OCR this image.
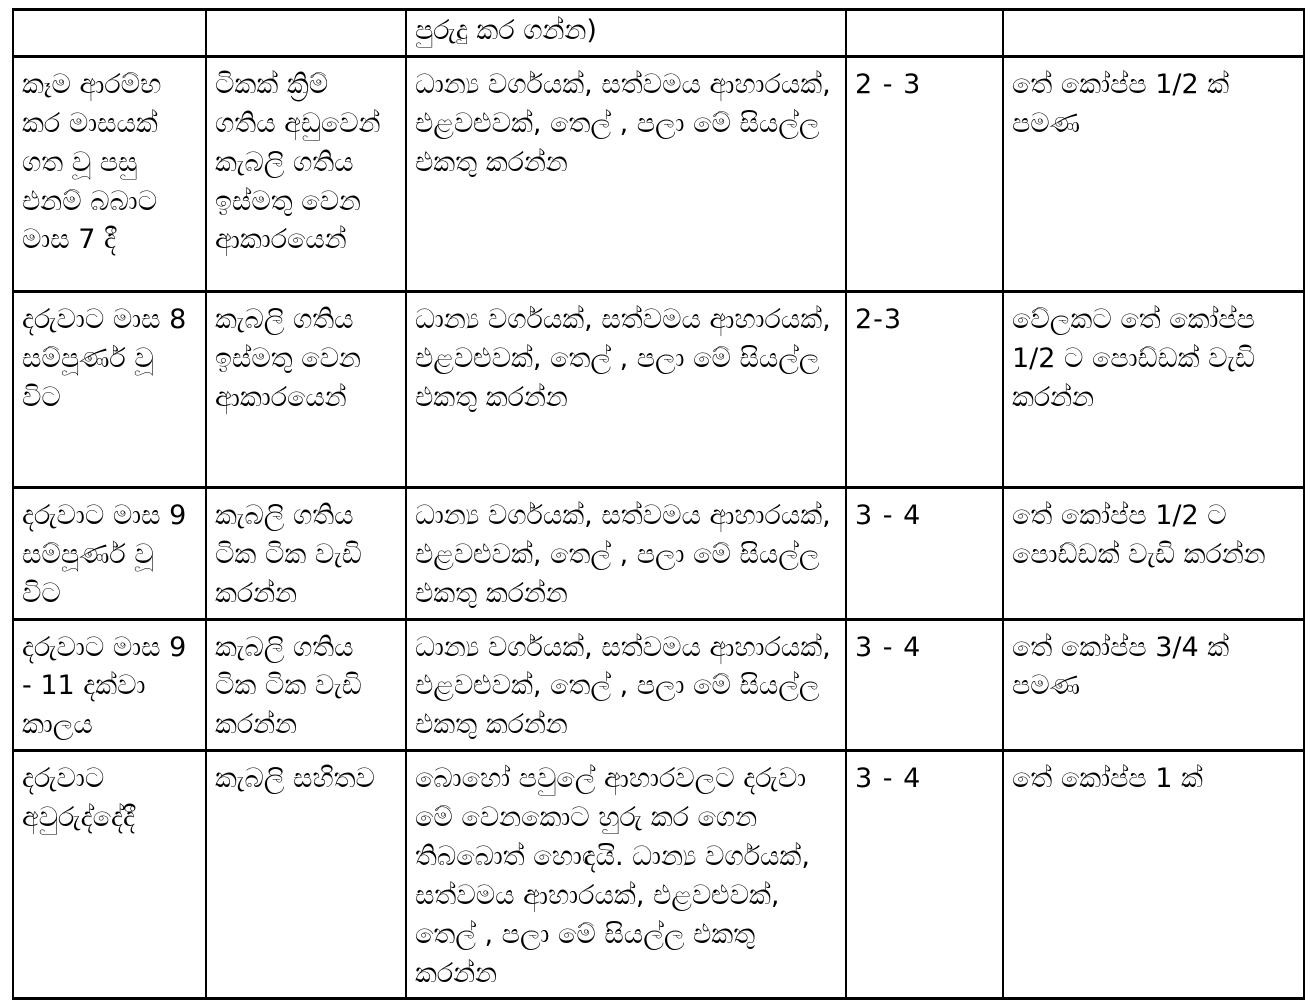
		පුරුදු කර ගන්න)		
කෑම ආරම්භ කර මාසයක් ගත වූ පසු එනම් බබාට මාස 7 දී	ටිකක් ක්‍රිම් ගතිය අඩුවෙන් කැබලි ගතිය ඉස්මතු වෙන ආකාරයෙන්	ධාන්‍ය වර්ගයක්, සත්වමය ආහාරයක්, එළවළුවක්, තෙල් , පලා මේ සියල්ල එකතු කරන්න	2 - 3	තේ කෝප්ප 1/2 ක් පමණ
දරුවාට මාස 8 සම්පූර්ණ වූ විට	කැබලි ගතිය ඉස්මතු වෙන ආකාරයෙන්	ධාන්‍ය වර්ගයක්, සත්වමය ආහාරයක්, එළවළුවක්, තෙල් , පලා මේ සියල්ල එකතු කරන්න	2-3	වේලකට තේ කෝප්ප 1/2 ට පොඩ්ඩක් වැඩි කරන්න
දරුවාට මාස 9 සම්පූර්ණ වූ විට	කැබලි ගතිය ටික ටික වැඩි කරන්න	ධාන්‍ය වර්ගයක්, සත්වමය ආහාරයක්, එළවළුවක්, තෙල් , පලා මේ සියල්ල එකතු කරන්න	3 - 4	තේ කෝප්ප 1/2 ට පොඩ්ඩක් වැඩි කරන්න
දරුවාට මාස 9 - 11 දක්වා කාලය	කැබලි ගතිය ටික ටික වැඩි කරන්න	ධාන්‍ය වර්ගයක්, සත්වමය ආහාරයක්, එළවළුවක්, තෙල් , පලා මේ සියල්ල එකතු කරන්න	3 - 4	තේ කෝප්ප 3/4 ක් පමණ
දරුවාට අවුරුද්දේදී	කැබලි සහිතව	බොහෝ පවුලේ ආහාරවලට දරුවා මේ වෙනකොට හුරු කර ගෙන තිබබොත් හොඳයි. ධාන්‍ය වර්ගයක්, සත්වමය ආහාරයක්, එළවළුවක්, තෙල් , පලා මේ සියල්ල එකතු කරන්න	3 - 4	තේ කෝප්ප 1 ක්
